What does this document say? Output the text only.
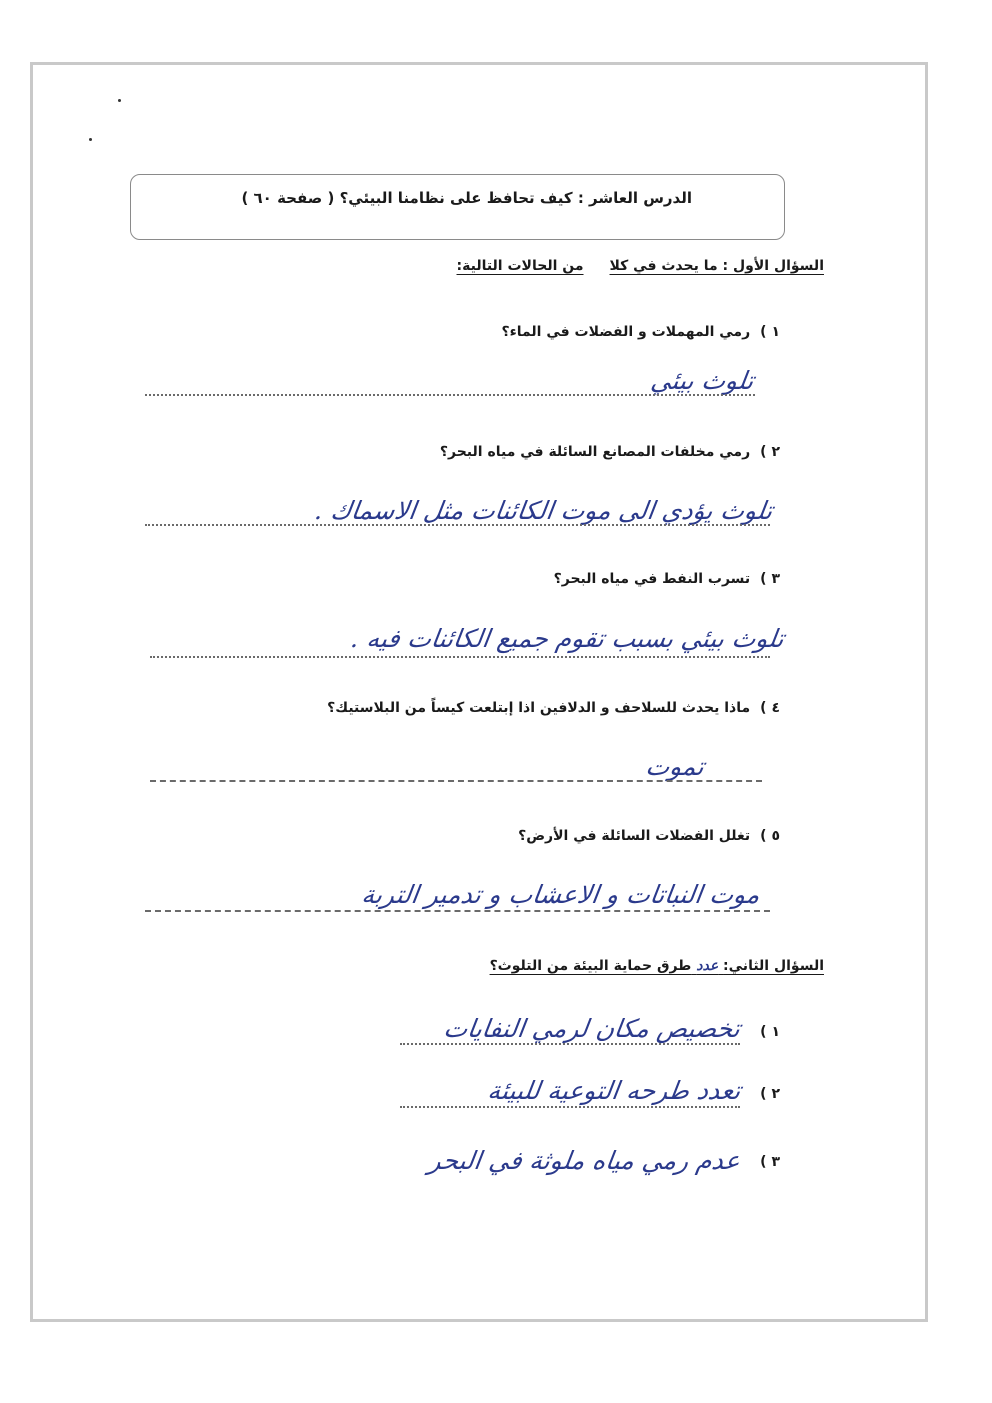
الدرس العاشر : كيف تحافظ على نظامنا البيئي؟ ( صفحة ٦٠ )
السؤال الأول : ما يحدث في كلامن الحالات التالية:
١ )رمي المهملات و الفضلات في الماء؟
تلوث بيئي
٢ )رمي مخلفات المصانع السائلة في مياه البحر؟
تلوث يؤدي الى موت الكائنات مثل الاسماك .
٣ )تسرب النفط في مياه البحر؟
تلوث بيئي بسبب تقوم جميع الكائنات فيه .
٤ )ماذا يحدث للسلاحف و الدلافين اذا إبتلعت كيساً من البلاستيك؟
تموت
٥ )تغلل الفضلات السائلة في الأرض؟
موت النباتات و الاعشاب و تدمير التربة
السؤال الثاني: عدد طرق حماية البيئة من التلوث؟
١ )
تخصيص مكان لرمي النفايات
٢ )
تعدد طرحه التوعية للبيئة
٣ )
عدم رمي مياه ملوثة في البحر
